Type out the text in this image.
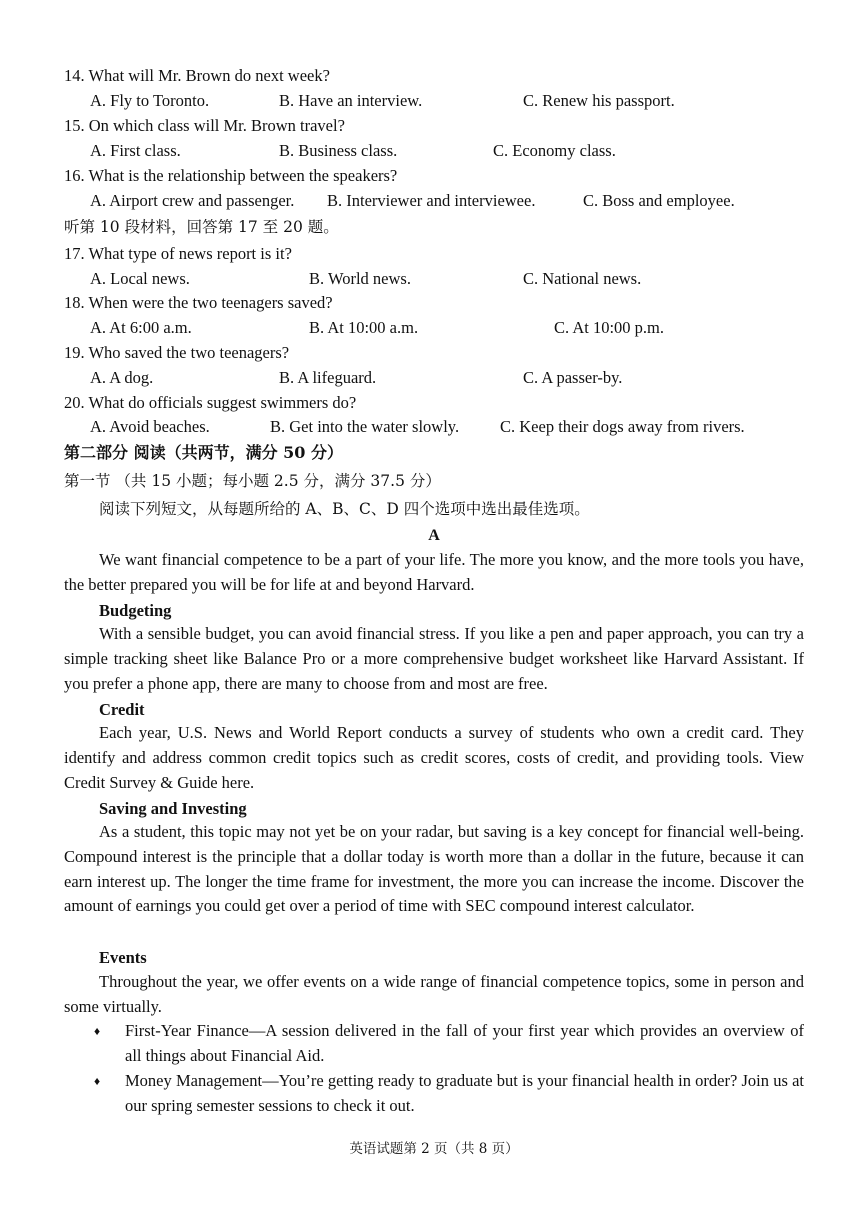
14. What will Mr. Brown do next week?
A. Fly to Toronto.	B. Have an interview.	C. Renew his passport.
15. On which class will Mr. Brown travel?
A. First class.	B. Business class.	C. Economy class.
16. What is the relationship between the speakers?
A. Airport crew and passenger. B. Interviewer and interviewee.	C. Boss and employee.
听第 10 段材料，回答第 17 至 20 题。
17. What type of news report is it?
A. Local news.	B. World news.	C. National news.
18. When were the two teenagers saved?
A. At 6:00 a.m.	B. At 10:00 a.m.	C. At 10:00 p.m.
19. Who saved the two teenagers?
A. A dog.	B. A lifeguard.	C. A passer-by.
20. What do officials suggest swimmers do?
A. Avoid beaches.	B. Get into the water slowly. C. Keep their dogs away from rivers.
第二部分 阅读（共两节，满分 50 分）
第一节 （共 15 小题；每小题 2.5 分，满分 37.5 分）
阅读下列短文，从每题所给的 A、B、C、D 四个选项中选出最佳选项。
A
We want financial competence to be a part of your life. The more you know, and the more tools you have, the better prepared you will be for life at and beyond Harvard.
Budgeting
With a sensible budget, you can avoid financial stress. If you like a pen and paper approach, you can try a simple tracking sheet like Balance Pro or a more comprehensive budget worksheet like Harvard Assistant. If you prefer a phone app, there are many to choose from and most are free.
Credit
Each year, U.S. News and World Report conducts a survey of students who own a credit card. They identify and address common credit topics such as credit scores, costs of credit, and providing tools. View Credit Survey & Guide here.
Saving and Investing
As a student, this topic may not yet be on your radar, but saving is a key concept for financial well-being. Compound interest is the principle that a dollar today is worth more than a dollar in the future, because it can earn interest up. The longer the time frame for investment, the more you can increase the income. Discover the amount of earnings you could get over a period of time with SEC compound interest calculator.
Events
Throughout the year, we offer events on a wide range of financial competence topics, some in person and some virtually.
♦ First-Year Finance—A session delivered in the fall of your first year which provides an overview of all things about Financial Aid.
♦ Money Management—You’re getting ready to graduate but is your financial health in order? Join us at our spring semester sessions to check it out.
英语试题第 2 页（共 8 页）
